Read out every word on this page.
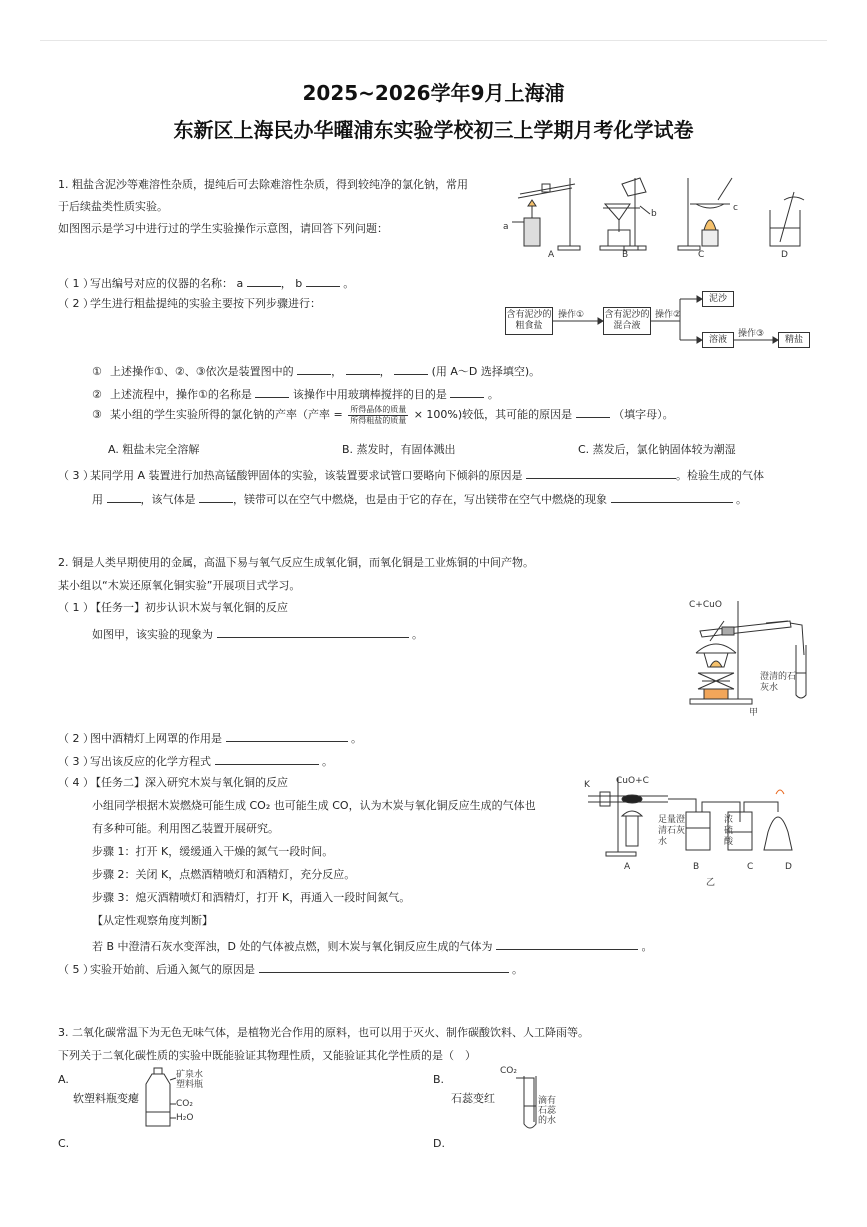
2025~2026学年9月上海浦
东新区上海民办华曜浦东实验学校初三上学期月考化学试卷
1. 粗盐含泥沙等难溶性杂质，提纯后可去除难溶性杂质，得到较纯净的氯化钠，常用
于后续盐类性质实验。
如图图示是学习中进行过的学生实验操作示意图，请回答下列问题：	a
b
c
A	B	C	D
（ 1 ）写出编号对应的仪器的名称： a	， b	。
（ 2 ）学生进行粗盐提纯的实验主要按下列步骤进行：
含有泥沙的粗食盐
操作① 含有泥沙的混合液
操作②
泥沙
溶液
操作③
精盐
① 上述操作①、②、③依次是装置图中的	，	，	(用 A～D 选择填空)。
② 上述流程中，操作①的名称是	该操作中用玻璃棒搅拌的目的是	。
③ 某小组的学生实验所得的氯化钠的产率（产率 = $\frac{\text{所得晶体的质量}}{\text{所得粗盐的质量}} \times 100\%$)较低，其可能的原因是	（填字母）。
A. 粗盐未完全溶解	B. 蒸发时，有固体溅出	C. 蒸发后，氯化钠固体较为潮湿
（ 3 ）某同学用 A 装置进行加热高锰酸钾固体的实验，该装置要求试管口要略向下倾斜的原因是	。检验生成的气体
用	，该气体是	，镁带可以在空气中燃烧，也是由于它的存在，写出镁带在空气中燃烧的现象	。
2. 铜是人类早期使用的金属，高温下易与氧气反应生成氧化铜，而氧化铜是工业炼铜的中间产物。
某小组以“木炭还原氧化铜实验”开展项目式学习。
（ 1 ）【任务一】初步认识木炭与氧化铜的反应
如图甲，该实验的现象为	。
C+CuO
澄清的石灰水
甲
（ 2 ）图中酒精灯上网罩的作用是	。
（ 3 ）写出该反应的化学方程式	。
（ 4 ）【任务二】深入研究木炭与氧化铜的反应
小组同学根据木炭燃烧可能生成 CO₂ 也可能生成 CO，认为木炭与氧化铜反应生成的气体也
有多种可能。利用图乙装置开展研究。
步骤 1：打开 K，缓缓通入干燥的氮气一段时间。
步骤 2：关闭 K，点燃酒精喷灯和酒精灯，充分反应。
步骤 3：熄灭酒精喷灯和酒精灯，打开 K，再通入一段时间氮气。
【从定性观察角度判断】
若 B 中澄清石灰水变浑浊，D 处的气体被点燃，则木炭与氧化铜反应生成的气体为	。
（ 5 ）实验开始前、后通入氮气的原因是	。
K	CuO+C
足量澄清石灰水
浓硫酸
A	B	C	D
乙
3. 二氧化碳常温下为无色无味气体，是植物光合作用的原料，也可以用于灭火、制作碳酸饮料、人工降雨等。
下列关于二氧化碳性质的实验中既能验证其物理性质，又能验证其化学性质的是（　）
A.
软塑料瓶变瘪
矿泉水塑料瓶
CO₂
H₂O
B.
石蕊变红
CO₂
滴有石蕊的水
C.	D.
